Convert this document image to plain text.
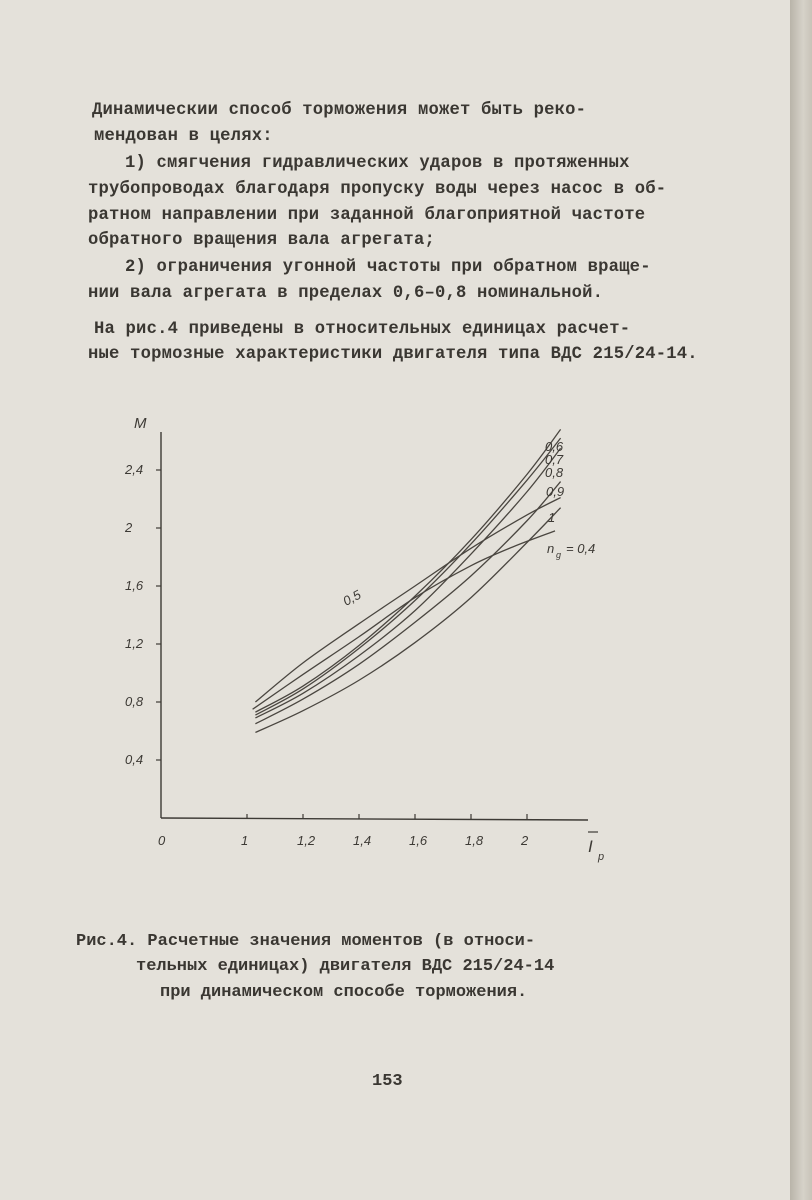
Динамическии способ торможения может быть реко-
мендован в целях:
1) смягчения гидравлических ударов в протяженных
трубопроводах благодаря пропуску воды через насос в об-
ратном направлении при заданной благоприятной частоте
обратного вращения вала агрегата;
2) ограничения угонной частоты при обратном враще-
нии вала агрегата в пределах 0,6–0,8 номинальной.
На рис.4 приведены в относительных единицах расчет-
ные тормозные характеристики двигателя типа ВДС 215/24-14.
0,4
0,8
1,2
1,6
2
2,4
0	1	1,2	1,4	1,6	1,8	2
M
I
р
0,6
0,7
0,8
0,9
1
0,5
n g = 0,4
Рис.4. Расчетные значения моментов (в относи-
тельных единицах) двигателя ВДС 215/24-14
при динамическом способе торможения.
153
